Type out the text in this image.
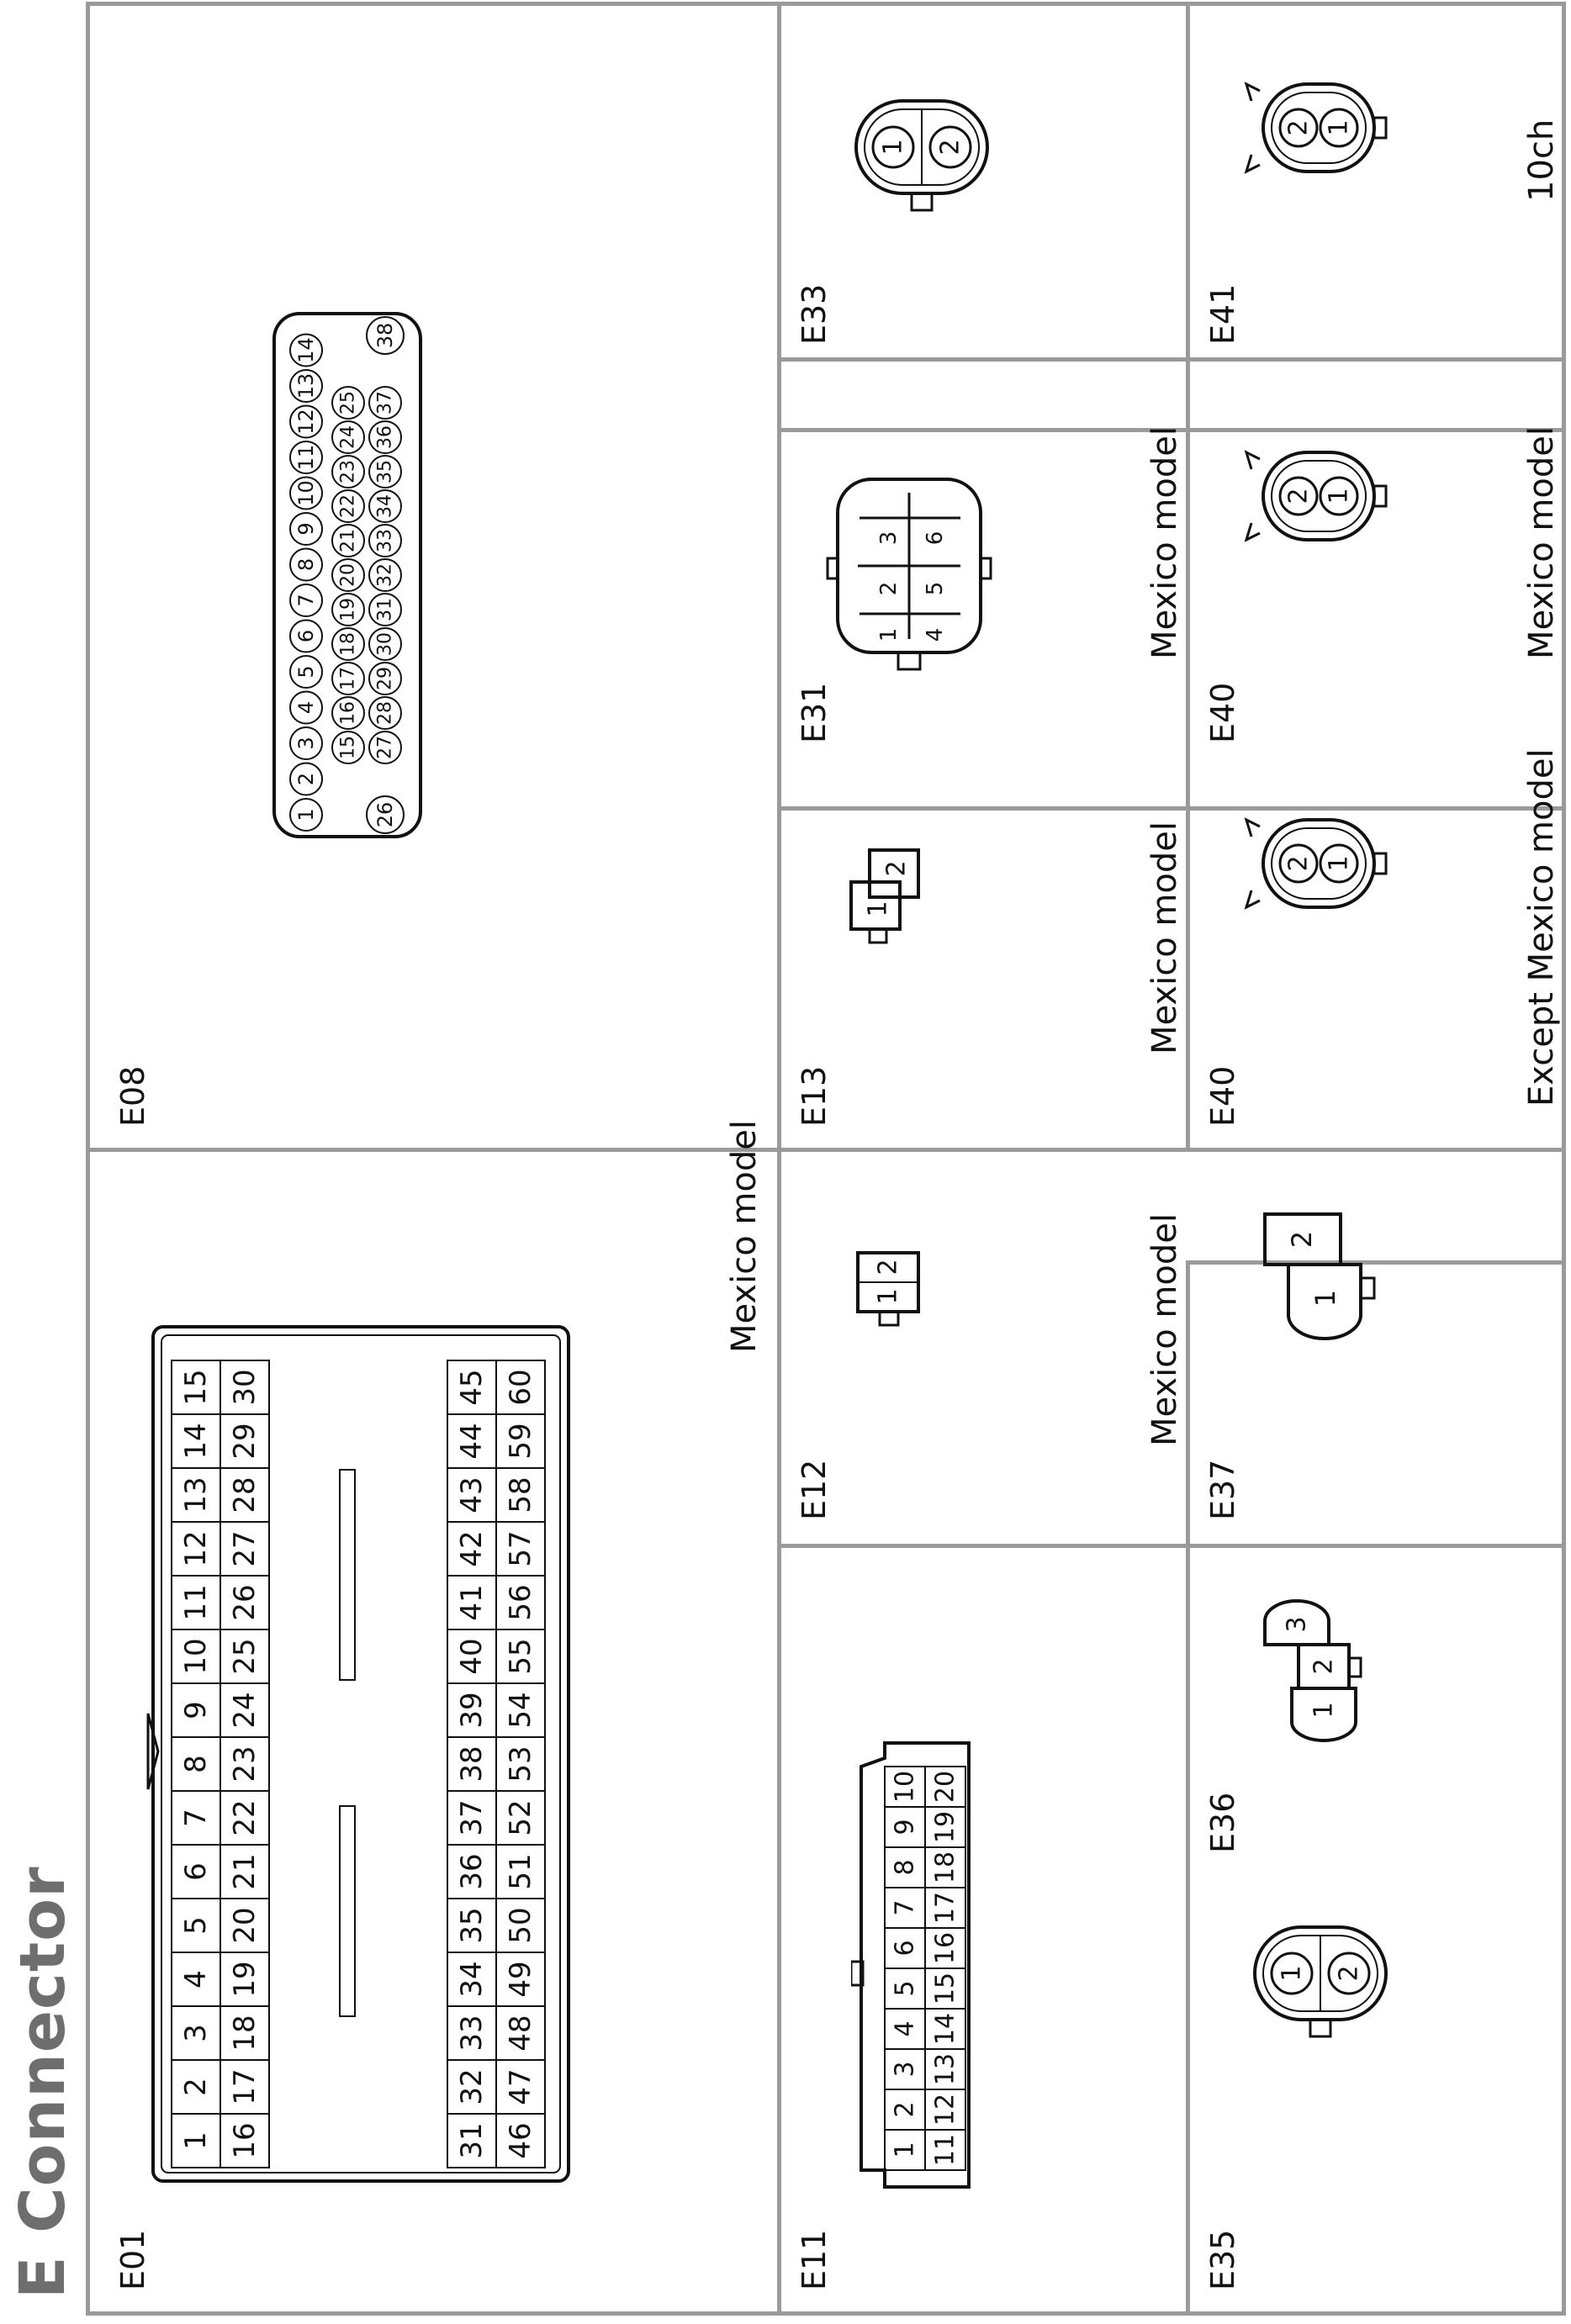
E Connector E01
Mexico model
E08
E11
E12
Mexico model
E13
Mexico model
E31
Mexico model
E33
E35
E36
E37
E40	Except Mexico model
E40
Mexico model
E41
10ch
1
2
3
4
5
6
7
8
9
10
11
12
13
14
15
16
17
18
19
20
21
22
23
24
25
26
27
28
29
30
31
32
33
34
35
36
37
38
39
40
41
42
43
44
45
46
47
48
49
50
51
52
53
54
55
56
57
58
59
60
1
2
3
4
5
6
7
8
9
10
11
12
13
14
15
16
17
18
19
20
21
22
23
24
25
27
28
29
30
31
32
33
34
35
36
37
26
38
1
2
3
4
5
6
7
8
9
10
11
12
13
14
15
16
17
18
19
20
1
2
1
2
1
2
3
4
5
6
1 2
1 2
1
2
3
1
2
2 1
2 1
2 1
